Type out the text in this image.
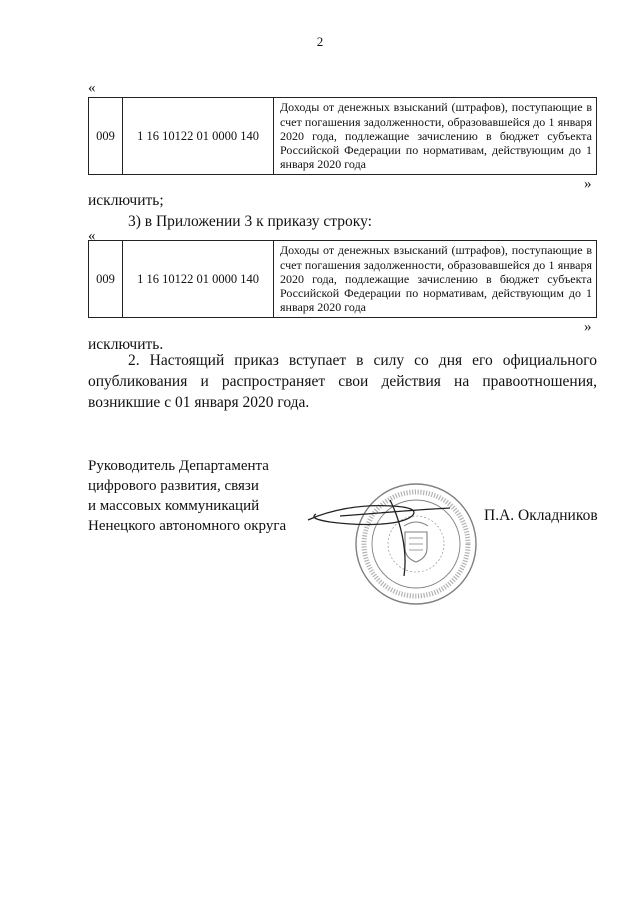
2
«
009	1 16 10122 01 0000 140	Доходы от денежных взысканий (штрафов), поступающие в счет погашения задолженности, образовавшейся до 1 января 2020 года, подлежащие зачислению в бюджет субъекта Российской Федерации по нормативам, действующим до 1 января 2020 года
»
исключить;
3) в Приложении 3 к приказу строку:
«
009	1 16 10122 01 0000 140	Доходы от денежных взысканий (штрафов), поступающие в счет погашения задолженности, образовавшейся до 1 января 2020 года, подлежащие зачислению в бюджет субъекта Российской Федерации по нормативам, действующим до 1 января 2020 года
»
исключить.
2. Настоящий приказ вступает в силу со дня его официального опубликования и распространяет свои действия на правоотношения, возникшие с 01 января 2020 года.
Руководитель Департамента
цифрового развития, связи
и массовых коммуникаций
Ненецкого автономного округа
П.А. Окладников
